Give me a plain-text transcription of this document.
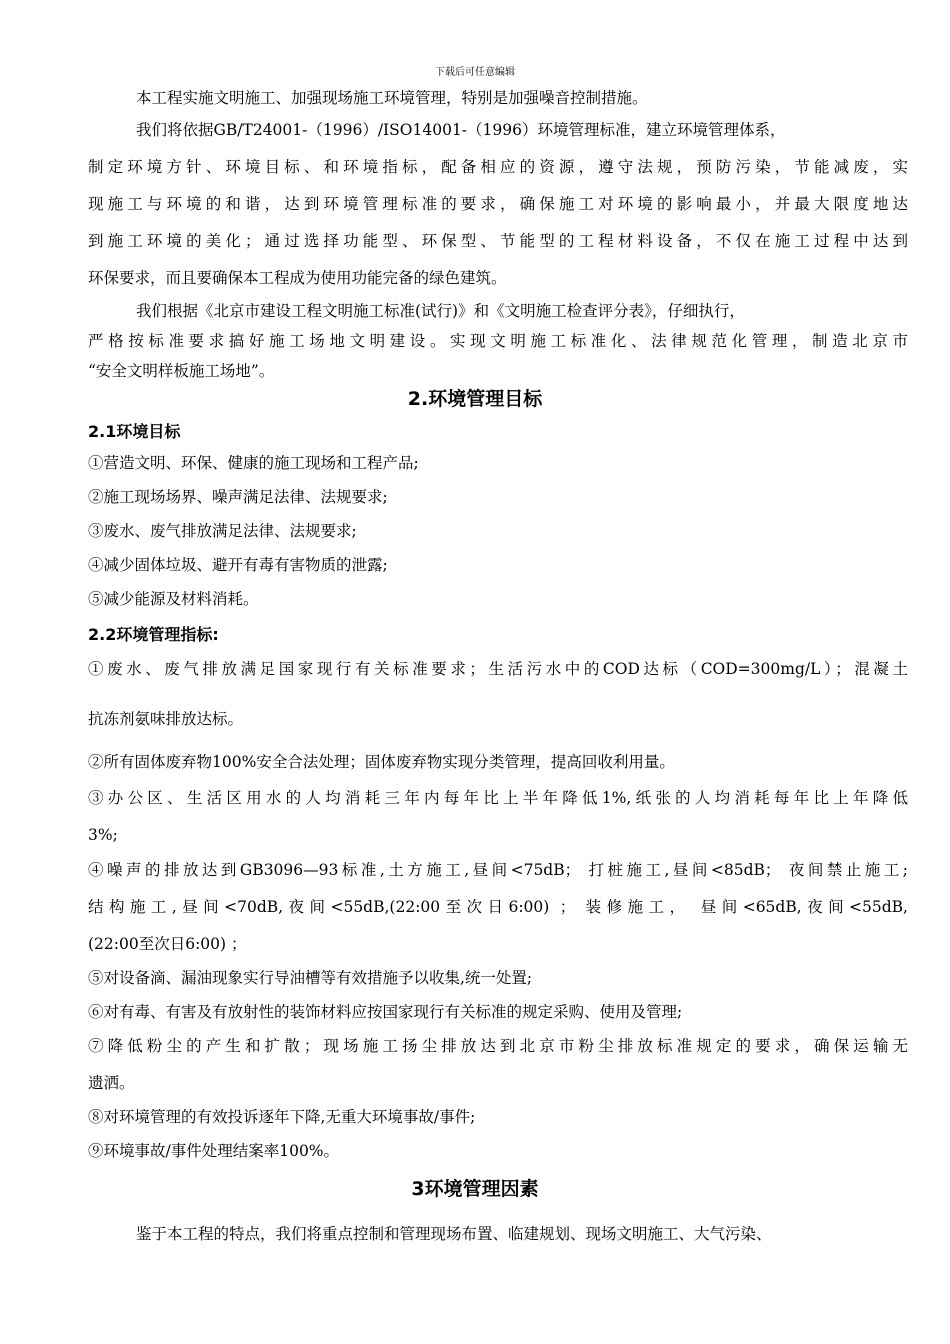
下载后可任意编辑
本工程实施文明施工、加强现场施工环境管理，特别是加强噪音控制措施。
我们将依据GB/T24001-（1996）/ISO14001-（1996）环境管理标准，建立环境管理体系，
制定环境方针、环境目标、和环境指标，配备相应的资源，遵守法规，预防污染，节能减废，实
现施工与环境的和谐，达到环境管理标准的要求，确保施工对环境的影响最小，并最大限度地达
到施工环境的美化；通过选择功能型、环保型、节能型的工程材料设备，不仅在施工过程中达到
环保要求，而且要确保本工程成为使用功能完备的绿色建筑。
我们根据《北京市建设工程文明施工标准(试行)》和《文明施工检查评分表》，仔细执行，
严格按标准要求搞好施工场地文明建设。实现文明施工标准化、法律规范化管理，制造北京市
“安全文明样板施工场地”。
2.环境管理目标
2.1环境目标
①营造文明、环保、健康的施工现场和工程产品;
②施工现场场界、噪声满足法律、法规要求;
③废水、废气排放满足法律、法规要求;
④减少固体垃圾、避开有毒有害物质的泄露;
⑤减少能源及材料消耗。
2.2环境管理指标:
①废水、废气排放满足国家现行有关标准要求；生活污水中的COD达标（COD=300mg/L）；混凝土
抗冻剂氨味排放达标。
②所有固体废弃物100%安全合法处理；固体废弃物实现分类管理，提高回收利用量。
③办公区、生活区用水的人均消耗三年内每年比上半年降低1%,纸张的人均消耗每年比上年降低
3%;
④噪声的排放达到GB3096—93标准,土方施工,昼间<75dB； 打桩施工,昼间<85dB； 夜间禁止施工;
结构施工,昼间<70dB,夜间<55dB,(22:00至次日6:00) ； 装修施工， 昼间<65dB,夜间<55dB,
(22:00至次日6:00) ；
⑤对设备滴、漏油现象实行导油槽等有效措施予以收集,统一处置;
⑥对有毒、有害及有放射性的装饰材料应按国家现行有关标准的规定采购、使用及管理;
⑦降低粉尘的产生和扩散；现场施工扬尘排放达到北京市粉尘排放标准规定的要求，确保运输无
遗洒。
⑧对环境管理的有效投诉逐年下降,无重大环境事故/事件;
⑨环境事故/事件处理结案率100%。
3环境管理因素
鉴于本工程的特点，我们将重点控制和管理现场布置、临建规划、现场文明施工、大气污染、
